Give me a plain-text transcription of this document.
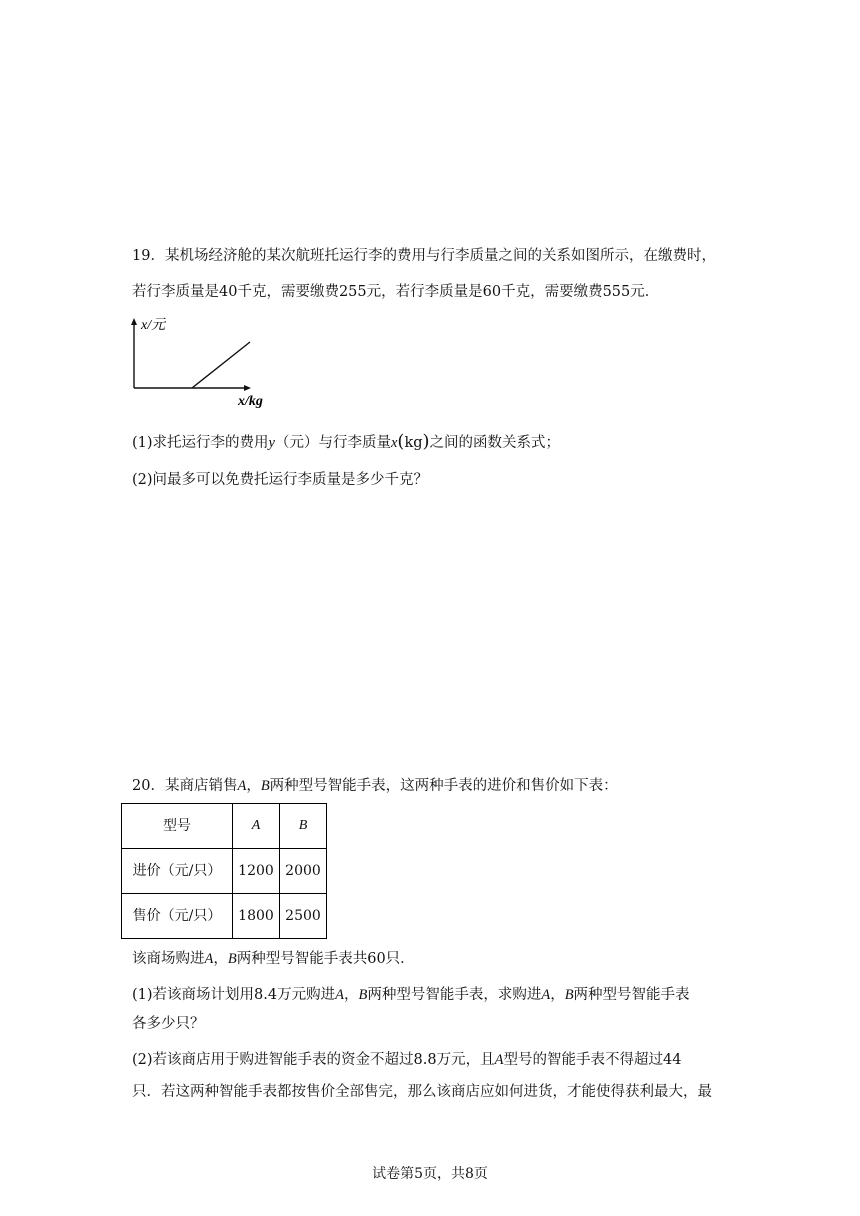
19．某机场经济舱的某次航班托运行李的费用与行李质量之间的关系如图所示，在缴费时，
若行李质量是40千克，需要缴费255元，若行李质量是60千克，需要缴费555元．
x/元
x/kg
(1)求托运行李的费用y（元）与行李质量x(kg)之间的函数关系式；
(2)问最多可以免费托运行李质量是多少千克？
20．某商店销售A，B两种型号智能手表，这两种手表的进价和售价如下表：
型号	A	B
进价（元/只）	1200	2000
售价（元/只）	1800	2500
该商场购进A，B两种型号智能手表共60只．
(1)若该商场计划用8.4万元购进A，B两种型号智能手表，求购进A，B两种型号智能手表
各多少只？
(2)若该商店用于购进智能手表的资金不超过8.8万元，且A型号的智能手表不得超过44
只．若这两种智能手表都按售价全部售完，那么该商店应如何进货，才能使得获利最大，最
试卷第5页，共8页
